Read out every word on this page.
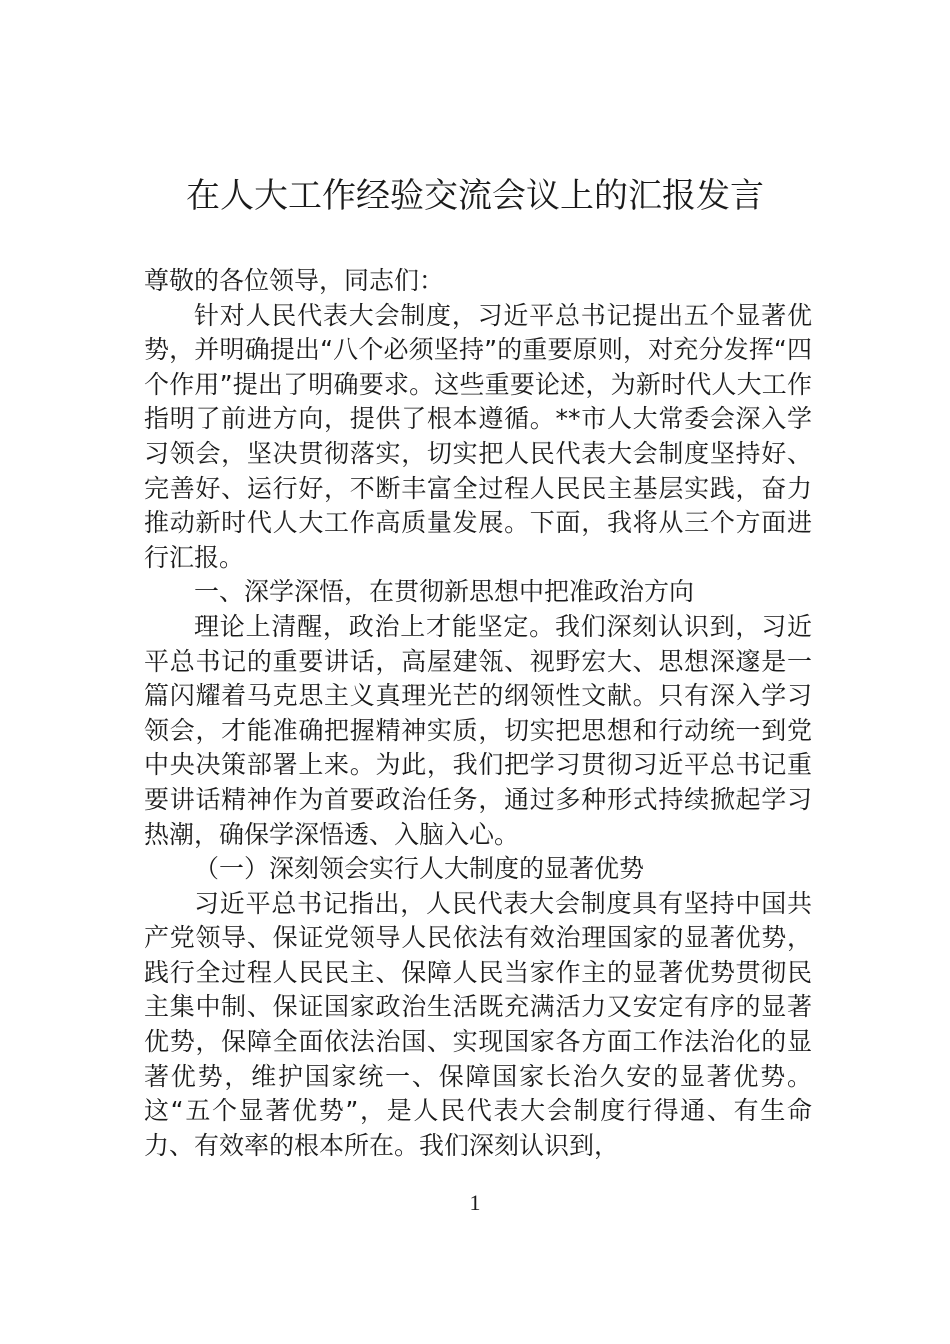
在人大工作经验交流会议上的汇报发言

尊敬的各位领导，同志们：

针对人民代表大会制度，习近平总书记提出五个显著优势，并明确提出“八个必须坚持”的重要原则，对充分发挥“四个作用”提出了明确要求。这些重要论述，为新时代人大工作指明了前进方向，提供了根本遵循。**市人大常委会深入学习领会，坚决贯彻落实，切实把人民代表大会制度坚持好、完善好、运行好，不断丰富全过程人民民主基层实践，奋力推动新时代人大工作高质量发展。下面，我将从三个方面进行汇报。

一、深学深悟，在贯彻新思想中把准政治方向

理论上清醒，政治上才能坚定。我们深刻认识到，习近平总书记的重要讲话，高屋建瓴、视野宏大、思想深邃是一篇闪耀着马克思主义真理光芒的纲领性文献。只有深入学习领会，才能准确把握精神实质，切实把思想和行动统一到党中央决策部署上来。为此，我们把学习贯彻习近平总书记重要讲话精神作为首要政治任务，通过多种形式持续掀起学习热潮，确保学深悟透、入脑入心。

（一）深刻领会实行人大制度的显著优势

习近平总书记指出，人民代表大会制度具有坚持中国共产党领导、保证党领导人民依法有效治理国家的显著优势，践行全过程人民民主、保障人民当家作主的显著优势贯彻民主集中制、保证国家政治生活既充满活力又安定有序的显著优势，保障全面依法治国、实现国家各方面工作法治化的显著优势，维护国家统一、保障国家长治久安的显著优势。这“五个显著优势”，是人民代表大会制度行得通、有生命力、有效率的根本所在。我们深刻认识到，

1
